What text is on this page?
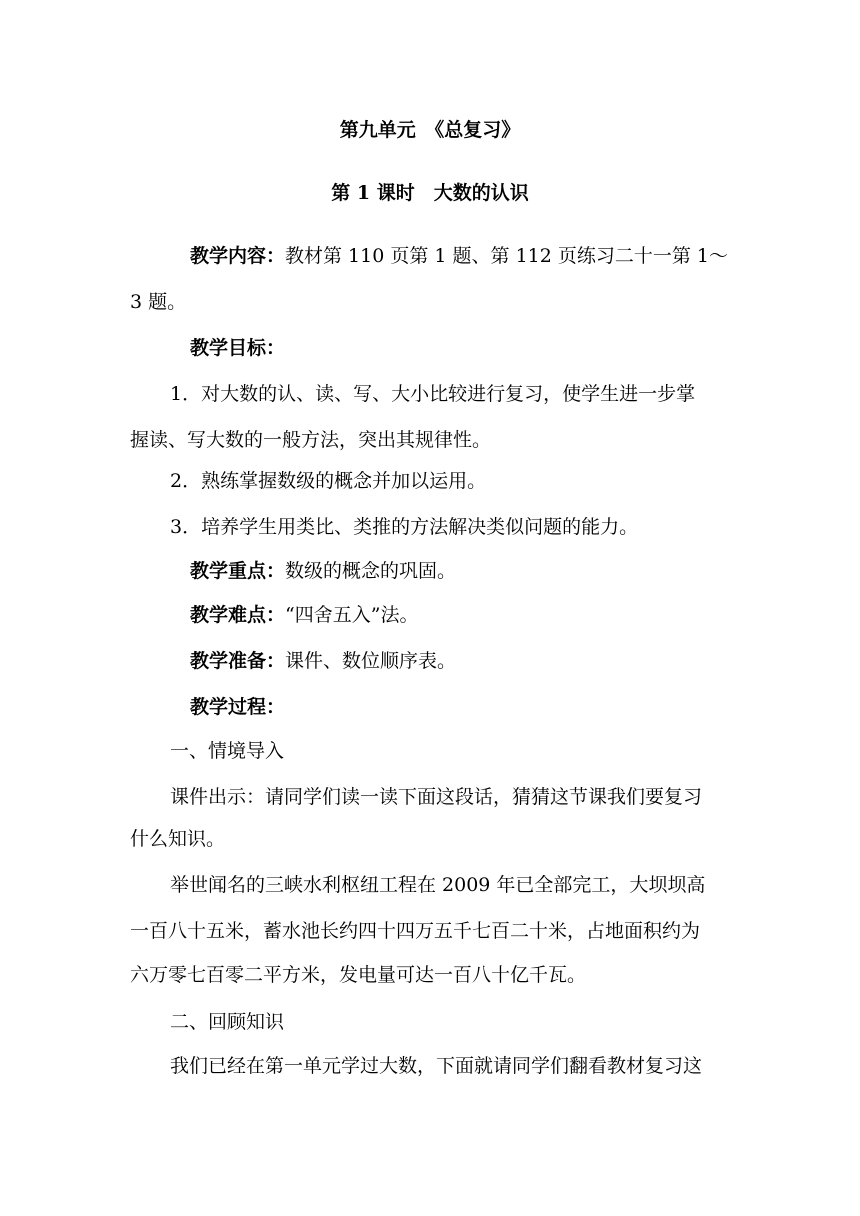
第九单元　《总复习》
第 1 课时　大数的认识
教学内容：教材第 110 页第 1 题、第 112 页练习二十一第 1～
3 题。
教学目标：
1．对大数的认、读、写、大小比较进行复习，使学生进一步掌
握读、写大数的一般方法，突出其规律性。
2．熟练掌握数级的概念并加以运用。
3．培养学生用类比、类推的方法解决类似问题的能力。
教学重点：数级的概念的巩固。
教学难点：“四舍五入”法。
教学准备：课件、数位顺序表。
教学过程：
一、情境导入
课件出示：请同学们读一读下面这段话，猜猜这节课我们要复习
什么知识。
举世闻名的三峡水利枢纽工程在 2009 年已全部完工，大坝坝高
一百八十五米，蓄水池长约四十四万五千七百二十米，占地面积约为
六万零七百零二平方米，发电量可达一百八十亿千瓦。
二、回顾知识
我们已经在第一单元学过大数，下面就请同学们翻看教材复习这
